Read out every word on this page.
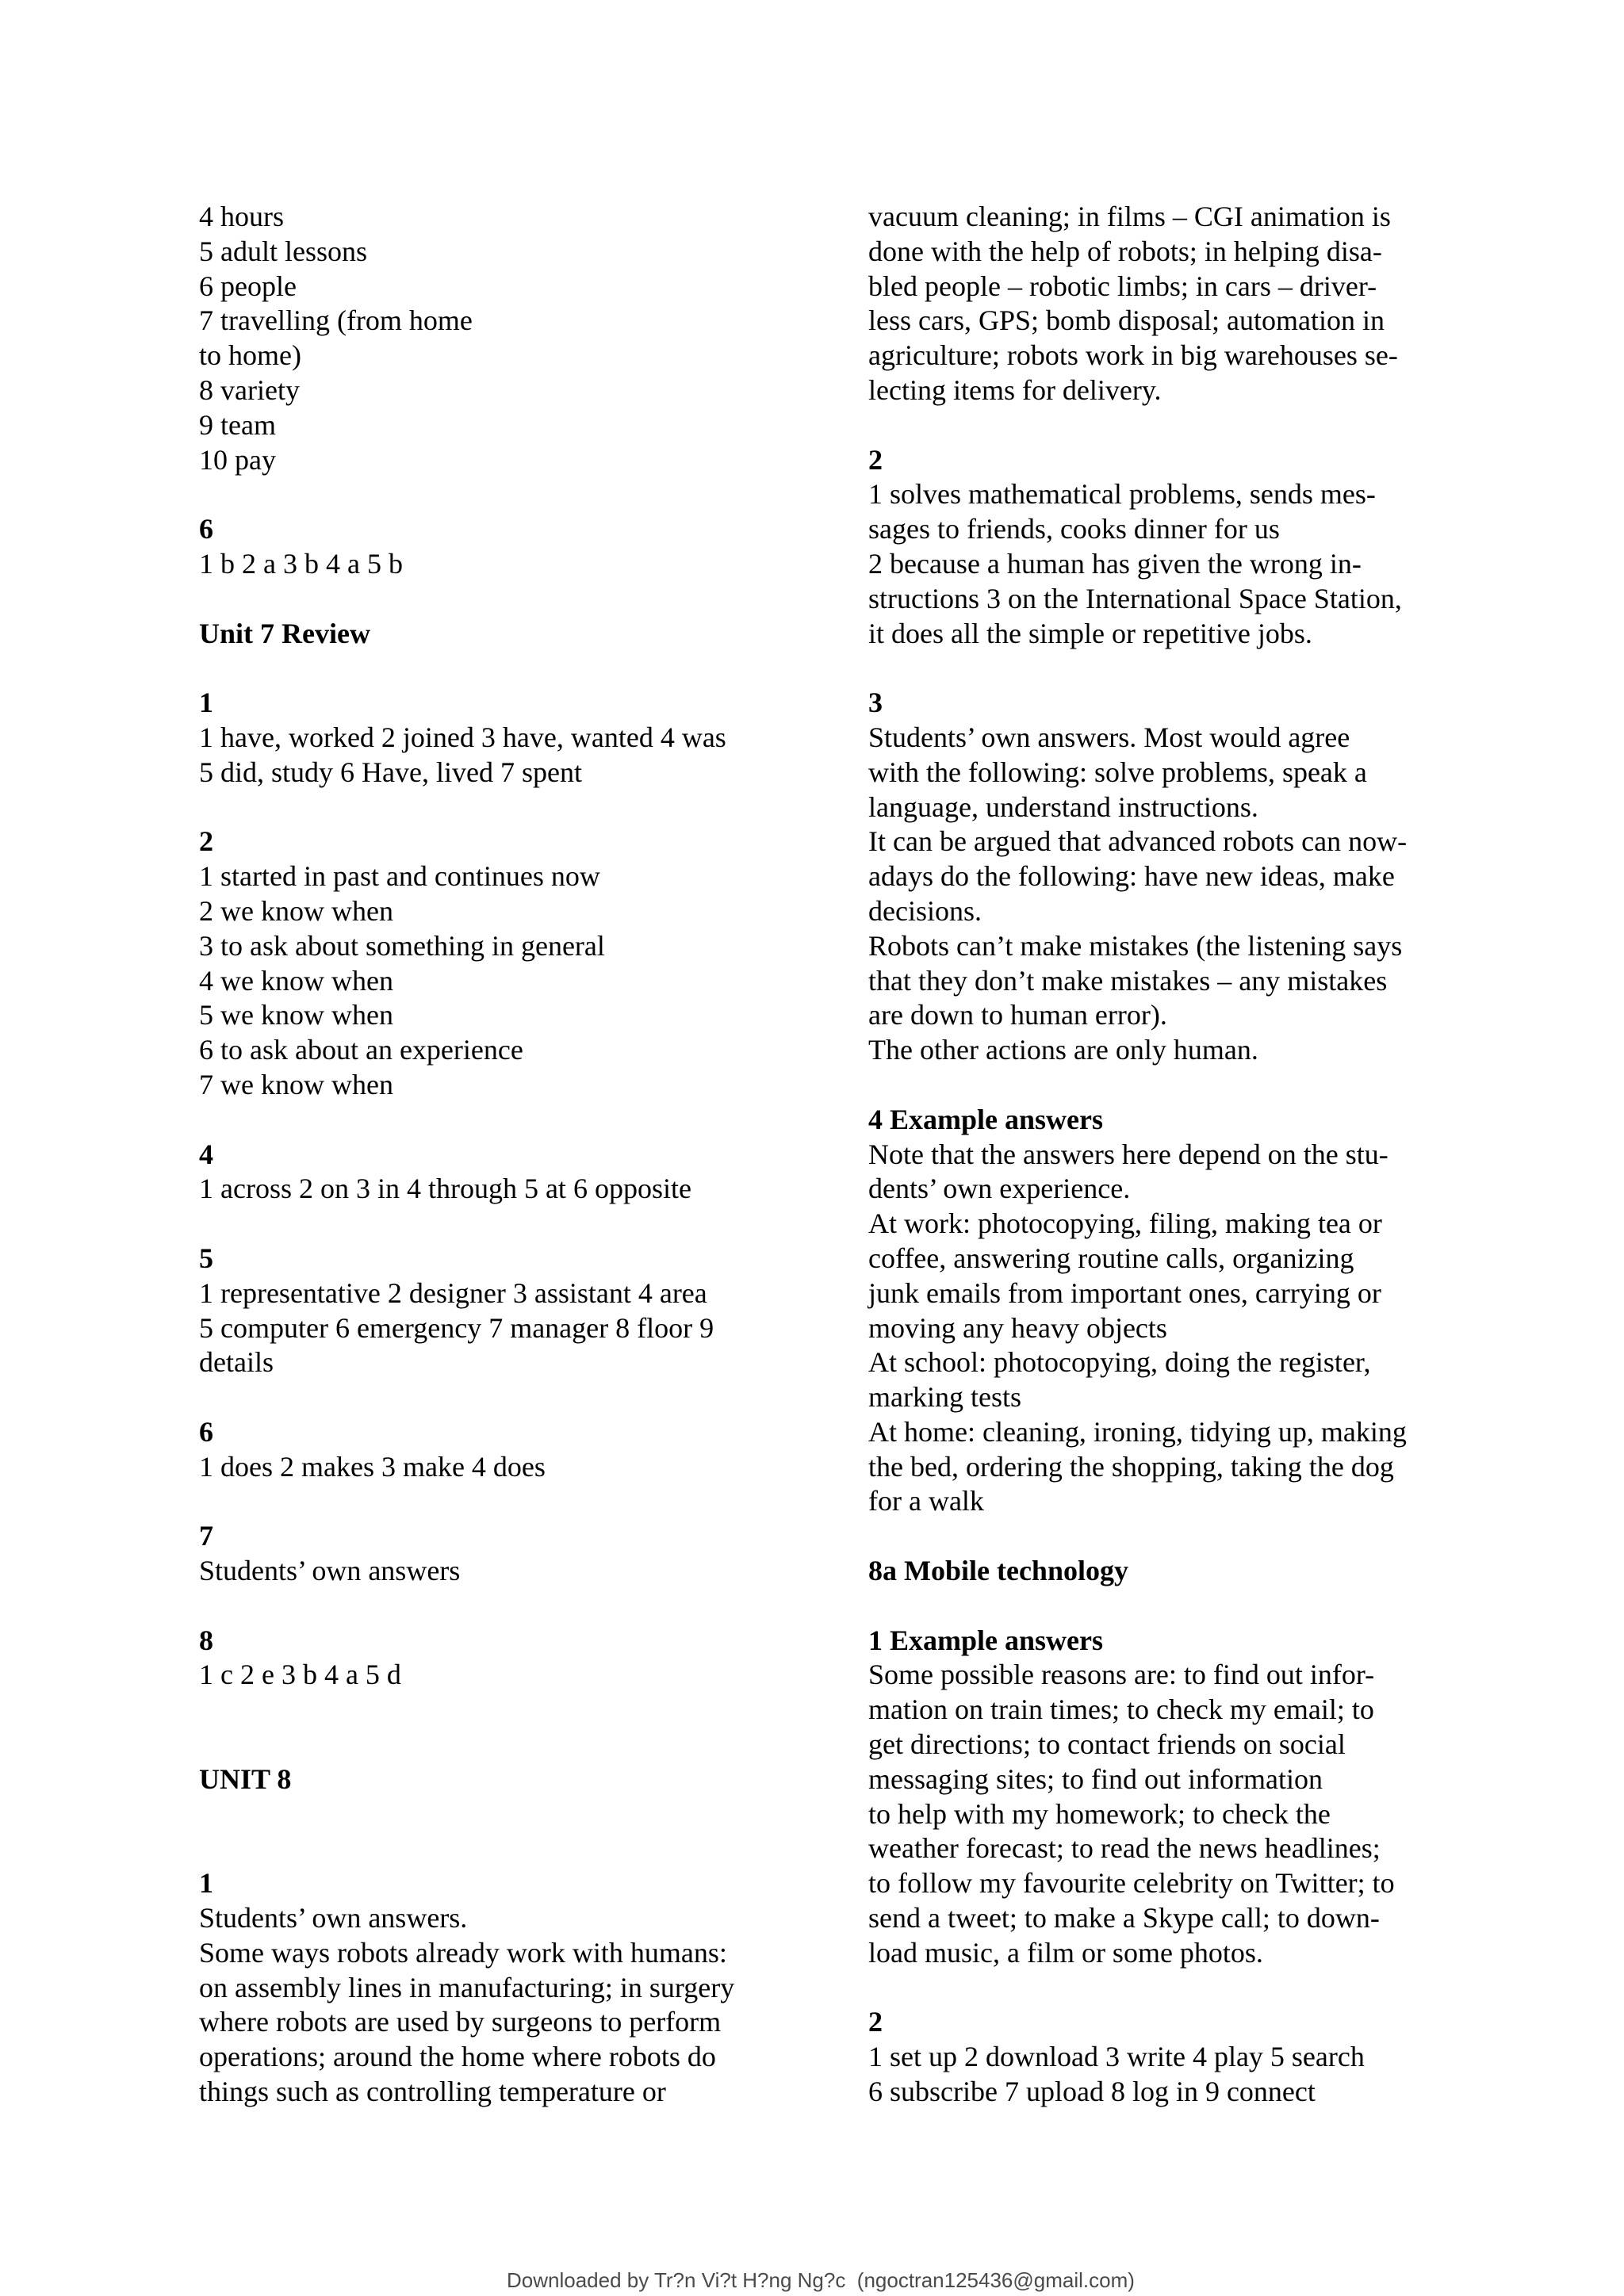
4 hours
5 adult lessons
6 people
7 travelling (from home
to home)
8 variety
9 team
10 pay
6
1 b 2 a 3 b 4 a 5 b
Unit 7 Review
1
1 have, worked 2 joined 3 have, wanted 4 was
5 did, study 6 Have, lived 7 spent
2
1 started in past and continues now
2 we know when
3 to ask about something in general
4 we know when
5 we know when
6 to ask about an experience
7 we know when
4
1 across 2 on 3 in 4 through 5 at 6 opposite
5
1 representative 2 designer 3 assistant 4 area
5 computer 6 emergency 7 manager 8 floor 9
details
6
1 does 2 makes 3 make 4 does
7
Students’ own answers
8
1 c 2 e 3 b 4 a 5 d
UNIT 8
1
Students’ own answers.
Some ways robots already work with humans:
on assembly lines in manufacturing; in surgery
where robots are used by surgeons to perform
operations; around the home where robots do
things such as controlling temperature or
vacuum cleaning; in films – CGI animation is
done with the help of robots; in helping disa-
bled people – robotic limbs; in cars – driver-
less cars, GPS; bomb disposal; automation in
agriculture; robots work in big warehouses se-
lecting items for delivery.
2
1 solves mathematical problems, sends mes-
sages to friends, cooks dinner for us
2 because a human has given the wrong in-
structions 3 on the International Space Station,
it does all the simple or repetitive jobs.
3
Students’ own answers. Most would agree
with the following: solve problems, speak a
language, understand instructions.
It can be argued that advanced robots can now-
adays do the following: have new ideas, make
decisions.
Robots can’t make mistakes (the listening says
that they don’t make mistakes – any mistakes
are down to human error).
The other actions are only human.
4 Example answers
Note that the answers here depend on the stu-
dents’ own experience.
At work: photocopying, filing, making tea or
coffee, answering routine calls, organizing
junk emails from important ones, carrying or
moving any heavy objects
At school: photocopying, doing the register,
marking tests
At home: cleaning, ironing, tidying up, making
the bed, ordering the shopping, taking the dog
for a walk
8a Mobile technology
1 Example answers
Some possible reasons are: to find out infor-
mation on train times; to check my email; to
get directions; to contact friends on social
messaging sites; to find out information
to help with my homework; to check the
weather forecast; to read the news headlines;
to follow my favourite celebrity on Twitter; to
send a tweet; to make a Skype call; to down-
load music, a film or some photos.
2
1 set up 2 download 3 write 4 play 5 search
6 subscribe 7 upload 8 log in 9 connect
Downloaded by Tr?n Vi?t H?ng Ng?c  (ngoctran125436@gmail.com)
